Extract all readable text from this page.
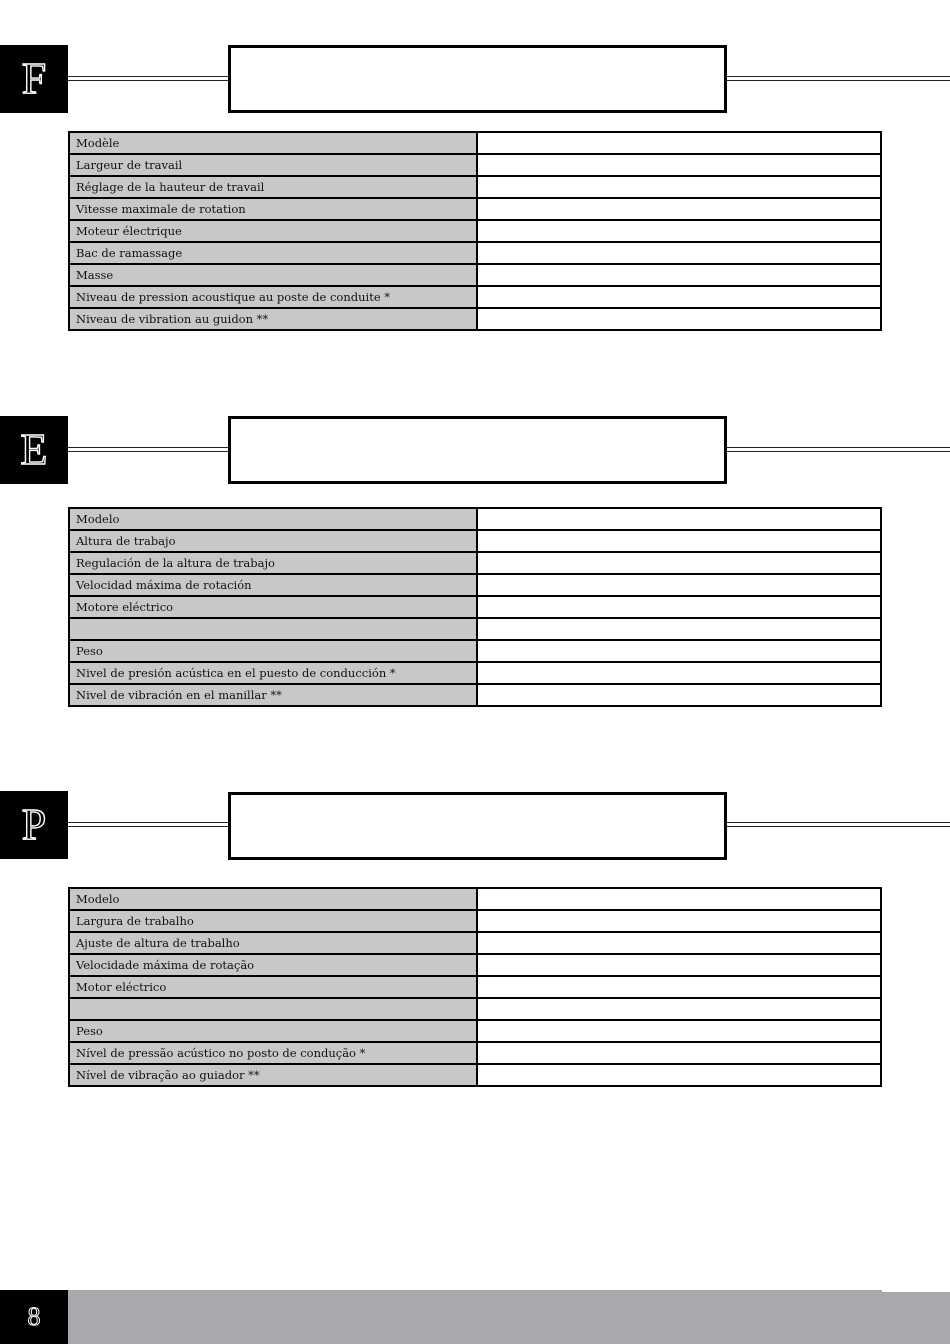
F
Modèle	
Largeur de travail	
Réglage de la hauteur de travail	
Vitesse maximale de rotation	
Moteur électrique	
Bac de ramassage	
Masse	
Niveau de pression acoustique au poste de conduite *	
Niveau de vibration au guidon **	
E
Modelo	
Altura de trabajo	
Regulación de la altura de trabajo	
Velocidad máxima de rotación	
Motore eléctrico	

Peso	
Nivel de presión acústica en el puesto de conducción *	
Nivel de vibración en el manillar **	
P
Modelo	
Largura de trabalho	
Ajuste de altura de trabalho	
Velocidade máxima de rotação	
Motor eléctrico	

Peso	
Nível de pressão acústico no posto de condução *	
Nível de vibração ao guiador **	
8
